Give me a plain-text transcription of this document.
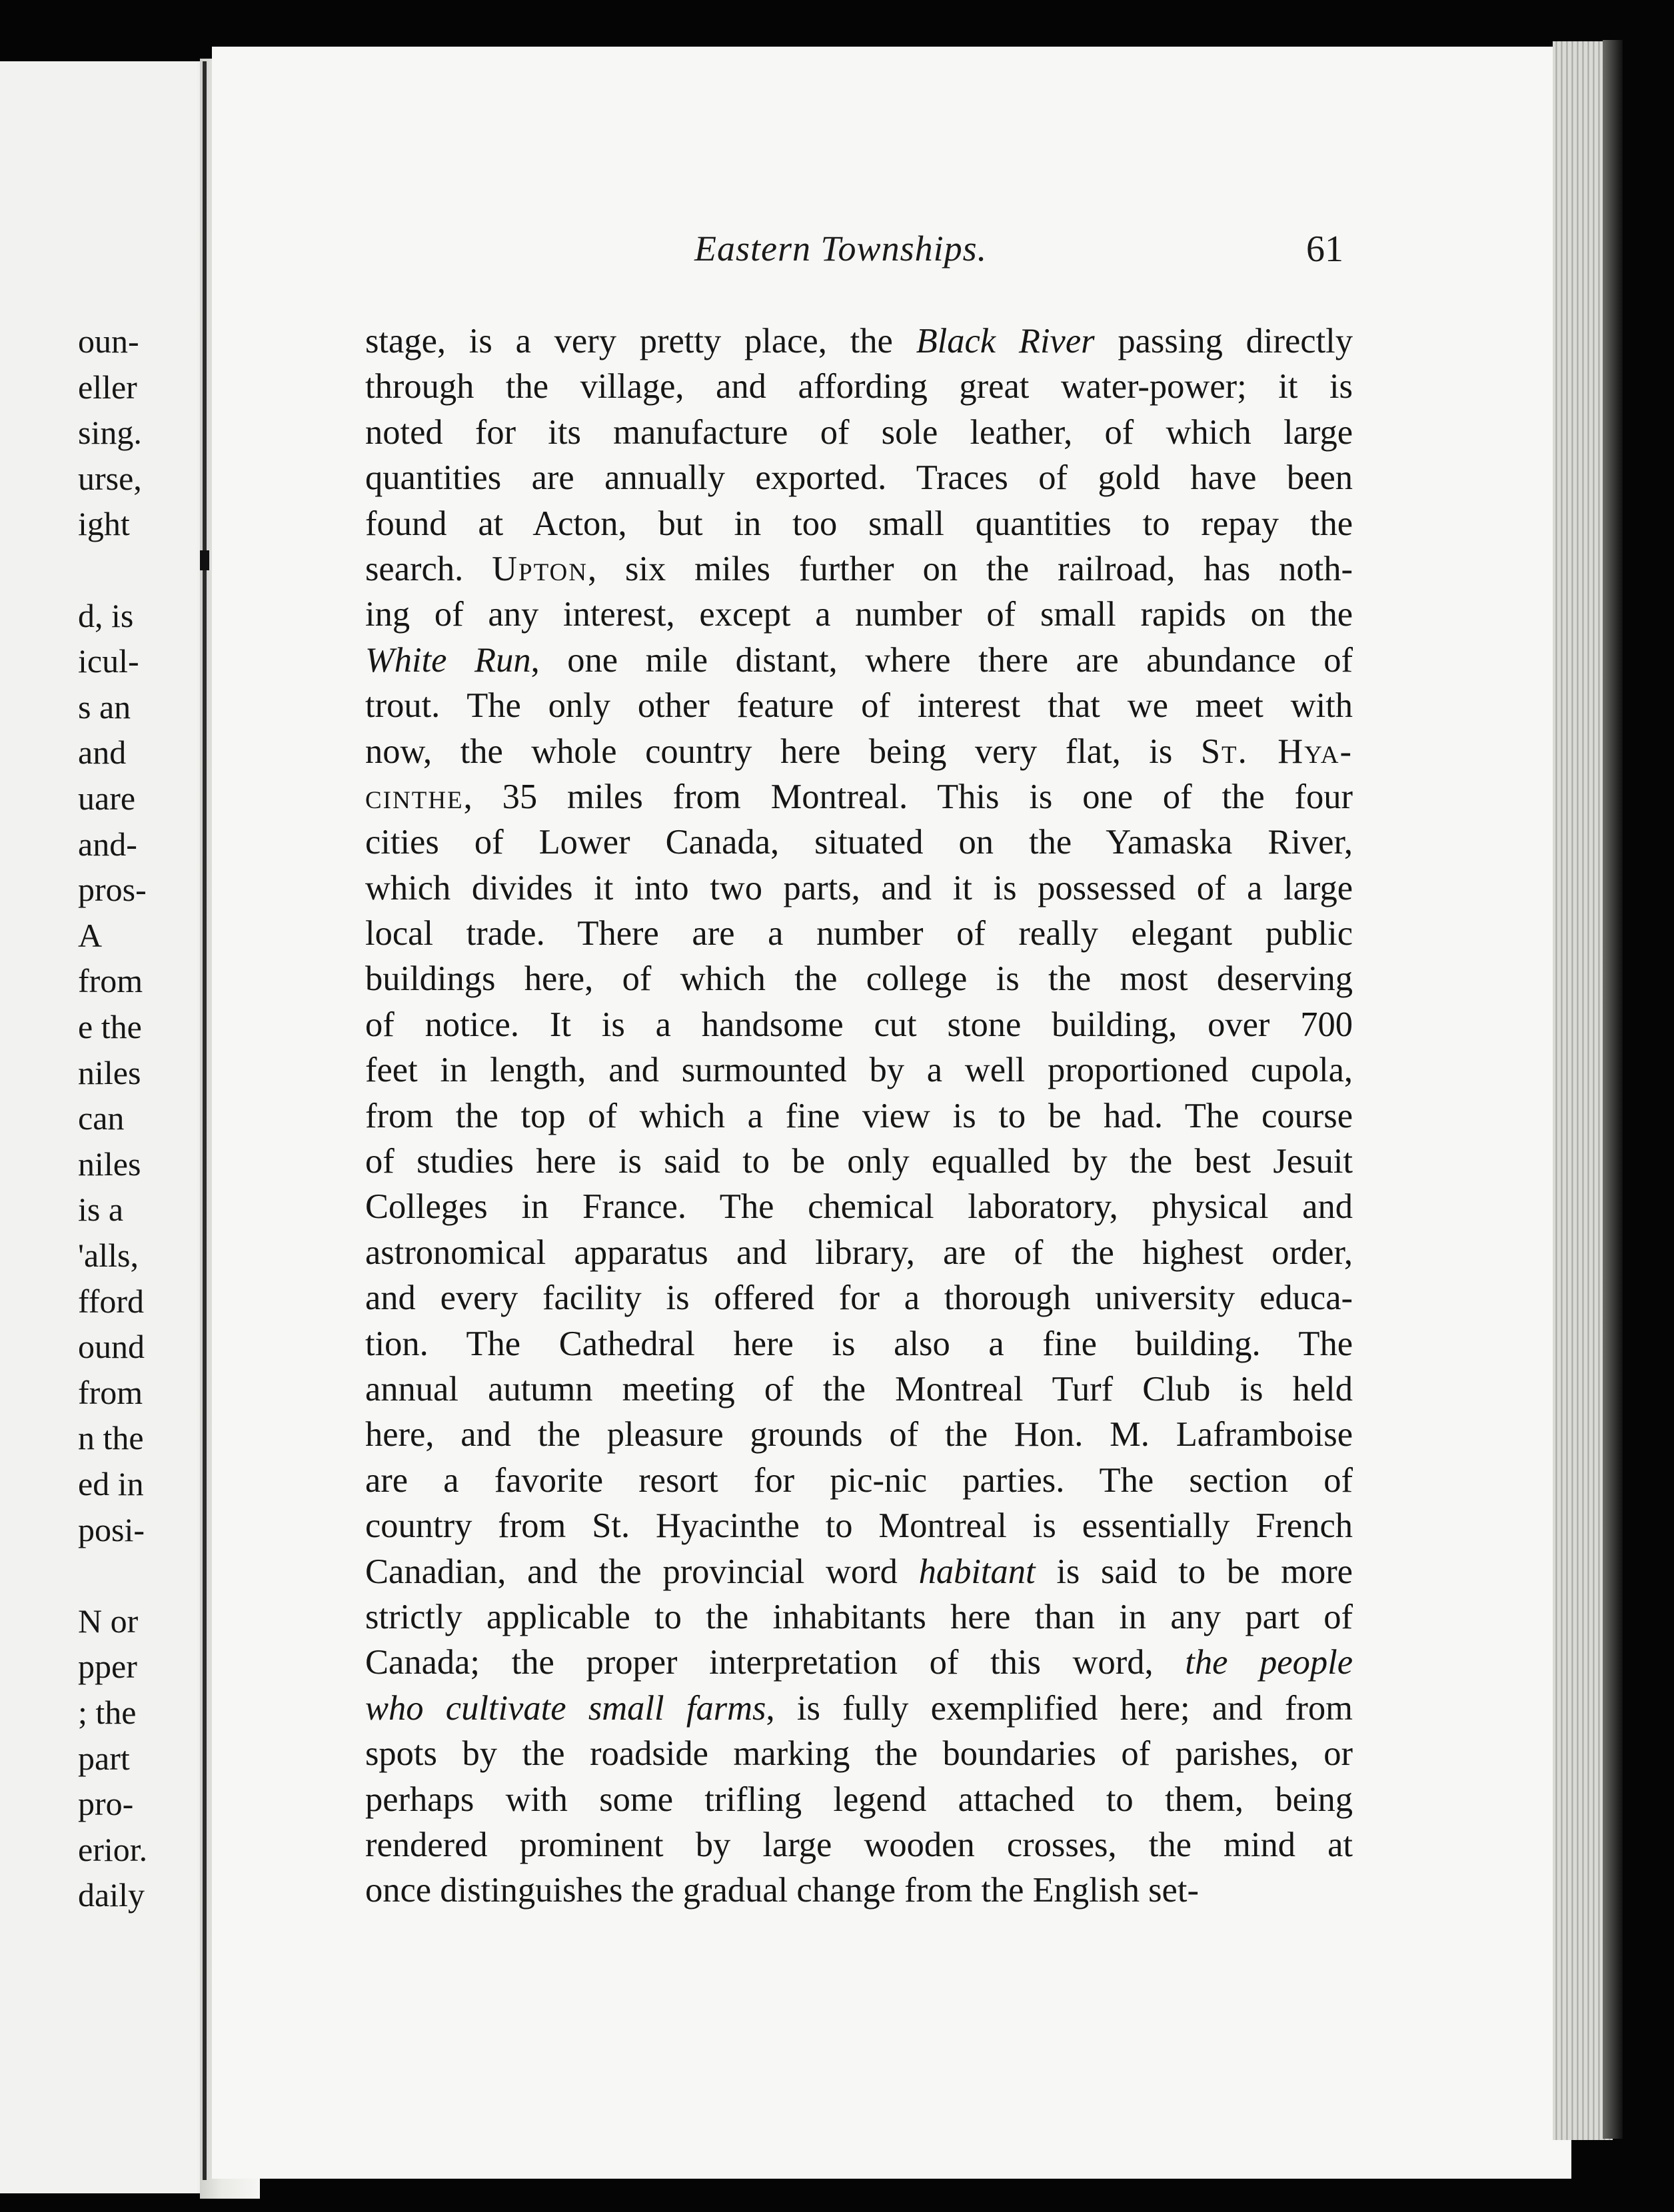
oun-
eller
sing.
urse,
ight
d, is
icul-
s an
and
uare
and-
pros-
A
from
e the
niles
can
niles
is a
'alls,
fford
ound
from
n the
ed in
posi-
N or
pper
; the
part
pro-
erior.
daily
Eastern Townships.	61
stage, is a very pretty place, the Black River passing directly
through the village, and affording great water-power; it is
noted for its manufacture of sole leather, of which large
quantities are annually exported. Traces of gold have been
found at Acton, but in too small quantities to repay the
search. Upton, six miles further on the railroad, has noth-
ing of any interest, except a number of small rapids on the
White Run, one mile distant, where there are abundance of
trout. The only other feature of interest that we meet with
now, the whole country here being very flat, is St. Hya-
cinthe, 35 miles from Montreal. This is one of the four
cities of Lower Canada, situated on the Yamaska River,
which divides it into two parts, and it is possessed of a large
local trade. There are a number of really elegant public
buildings here, of which the college is the most deserving
of notice. It is a handsome cut stone building, over 700
feet in length, and surmounted by a well proportioned cupola,
from the top of which a fine view is to be had. The course
of studies here is said to be only equalled by the best Jesuit
Colleges in France. The chemical laboratory, physical and
astronomical apparatus and library, are of the highest order,
and every facility is offered for a thorough university educa-
tion. The Cathedral here is also a fine building. The
annual autumn meeting of the Montreal Turf Club is held
here, and the pleasure grounds of the Hon. M. Laframboise
are a favorite resort for pic-nic parties. The section of
country from St. Hyacinthe to Montreal is essentially French
Canadian, and the provincial word habitant is said to be more
strictly applicable to the inhabitants here than in any part of
Canada; the proper interpretation of this word, the people
who cultivate small farms, is fully exemplified here; and from
spots by the roadside marking the boundaries of parishes, or
perhaps with some trifling legend attached to them, being
rendered prominent by large wooden crosses, the mind at
once distinguishes the gradual change from the English set-
